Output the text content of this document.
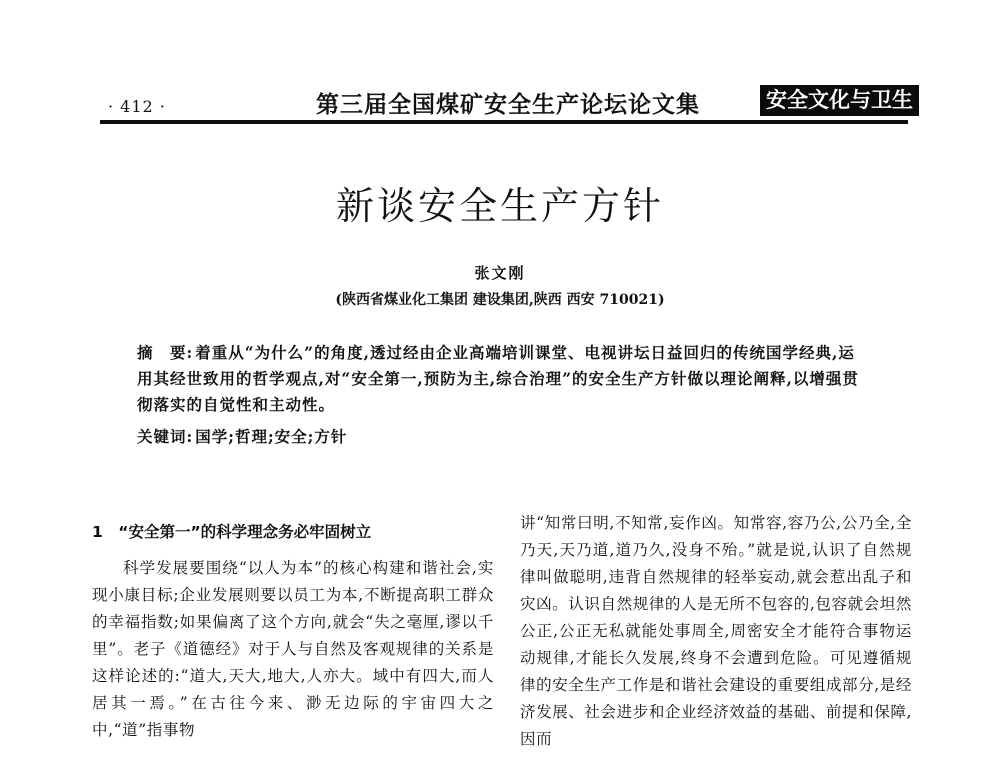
· 412 ·	第三届全国煤矿安全生产论坛论文集	安全文化与卫生
新谈安全生产方针
张文刚
(陕西省煤业化工集团 建设集团,陕西 西安 710021)
摘　要: 着重从“为什么”的角度,透过经由企业高端培训课堂、电视讲坛日益回归的传统国学经典,运用其经世致用的哲学观点,对“安全第一,预防为主,综合治理”的安全生产方针做以理论阐释,以增强贯彻落实的自觉性和主动性。
关键词: 国学;哲理;安全;方针
1　“安全第一”的科学理念务必牢固树立
科学发展要围绕“以人为本”的核心构建和谐社会,实现小康目标;企业发展则要以员工为本,不断提高职工群众的幸福指数;如果偏离了这个方向,就会“失之毫厘,谬以千里”。老子《道德经》对于人与自然及客观规律的关系是这样论述的:“道大,天大,地大,人亦大。域中有四大,而人居其一焉。”在古往今来、渺无边际的宇宙四大之中,“道”指事物
讲“知常曰明,不知常,妄作凶。知常容,容乃公,公乃全,全乃天,天乃道,道乃久,没身不殆。”就是说,认识了自然规律叫做聪明,违背自然规律的轻举妄动,就会惹出乱子和灾凶。认识自然规律的人是无所不包容的,包容就会坦然公正,公正无私就能处事周全,周密安全才能符合事物运动规律,才能长久发展,终身不会遭到危险。可见遵循规律的安全生产工作是和谐社会建设的重要组成部分,是经济发展、社会进步和企业经济效益的基础、前提和保障,因而
